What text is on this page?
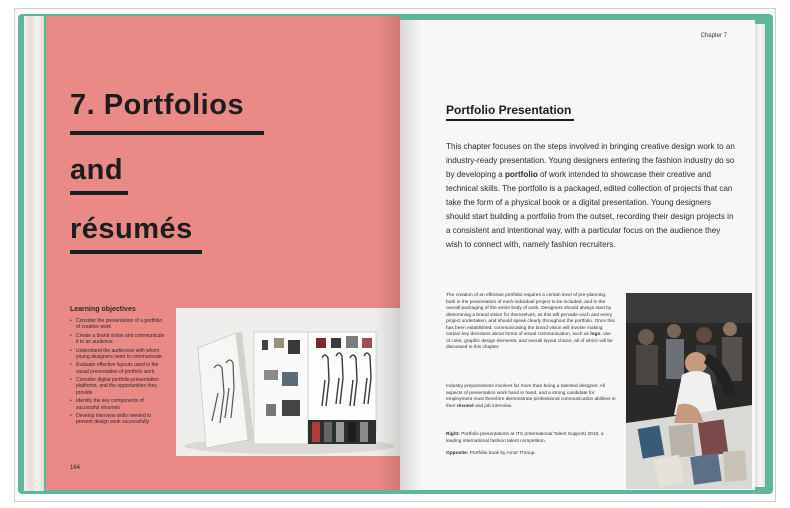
7. Portfolios
and
résumés
Learning objectives
• Consider the presentation of a portfolio of creative work
• Create a brand vision and communicate it to an audience
• Understand the audiences with whom young designers need to communicate
• Evaluate effective layouts used in the visual presentation of portfolio work
• Consider digital portfolio-presentation platforms, and the opportunities they provide
• Identify the key components of successful résumés
• Develop interview skills needed to present design work successfully
164
Chapter 7
Portfolio Presentation

This chapter focuses on the steps involved in bringing creative design work to an industry-ready presentation. Young designers entering the fashion industry do so by developing a portfolio of work intended to showcase their creative and technical skills. The portfolio is a packaged, edited collection of projects that can take the form of a physical book or a digital presentation. Young designers should start building a portfolio from the outset, recording their design projects in a consistent and intentional way, with a particular focus on the audience they wish to connect with, namely fashion recruiters.

The creation of an effective portfolio requires a certain level of pre-planning, both in the presentation of each individual project to be included, and in the overall packaging of the entire body of work. Designers should always start by determining a brand vision for themselves, as this will pervade each and every project undertaken, and should speak clearly throughout the portfolio. Once this has been established, communicating the brand vision will involve making certain key decisions about forms of visual communication, such as logo, use of color, graphic design elements, and overall layout choice, all of which will be discussed in this chapter.

Industry preparedness involves far more than being a talented designer. All aspects of presentation work hand in hand, and a strong candidate for employment must therefore demonstrate professional communication abilities in their résumé and job interview.

Right: Portfolio presentations at ITS (International Talent Support) 2018, a leading international fashion talent competition.

Opposite: Portfolio book by Amor Throup.
